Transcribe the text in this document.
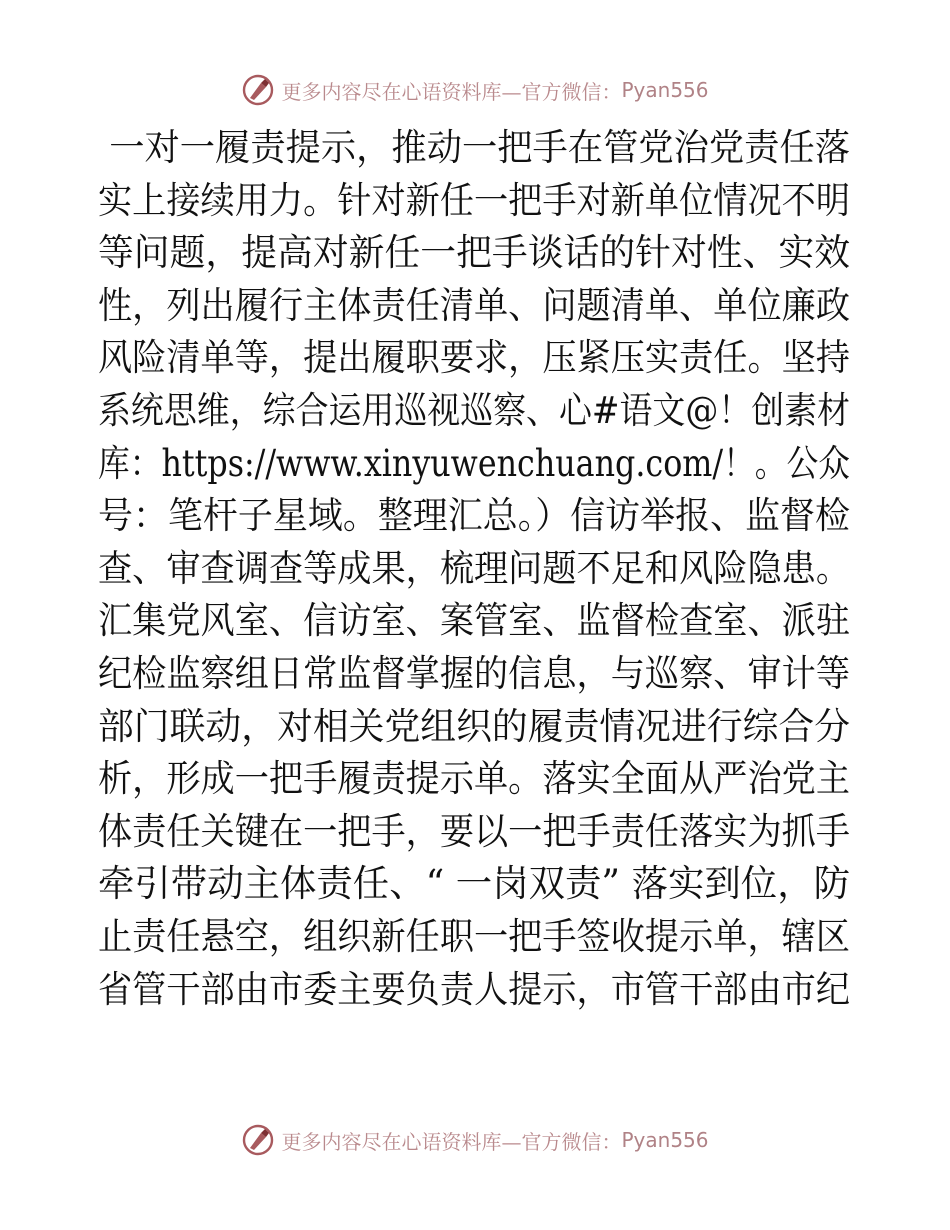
更多内容尽在心语资料库—官方微信： Pyan556
一对一履责提示，推动一把手在管党治党责任落
实上接续用力。针对新任一把手对新单位情况不明
等问题，提高对新任一把手谈话的针对性、实效
性，列出履行主体责任清单、问题清单、单位廉政
风险清单等，提出履职要求，压紧压实责任。坚持
系统思维，综合运用巡视巡察、心#语文@！创素材
库：https://www.xinyuwenchuang.com/！。公众
号：笔杆子星域。整理汇总。）信访举报、监督检
查、审查调查等成果，梳理问题不足和风险隐患。
汇集党风室、信访室、案管室、监督检查室、派驻
纪检监察组日常监督掌握的信息，与巡察、审计等
部门联动，对相关党组织的履责情况进行综合分
析，形成一把手履责提示单。落实全面从严治党主
体责任关键在一把手，要以一把手责任落实为抓手
牵引带动主体责任、“ 一岗双责” 落实到位，防
止责任悬空，组织新任职一把手签收提示单，辖区
省管干部由市委主要负责人提示，市管干部由市纪
更多内容尽在心语资料库—官方微信： Pyan556
